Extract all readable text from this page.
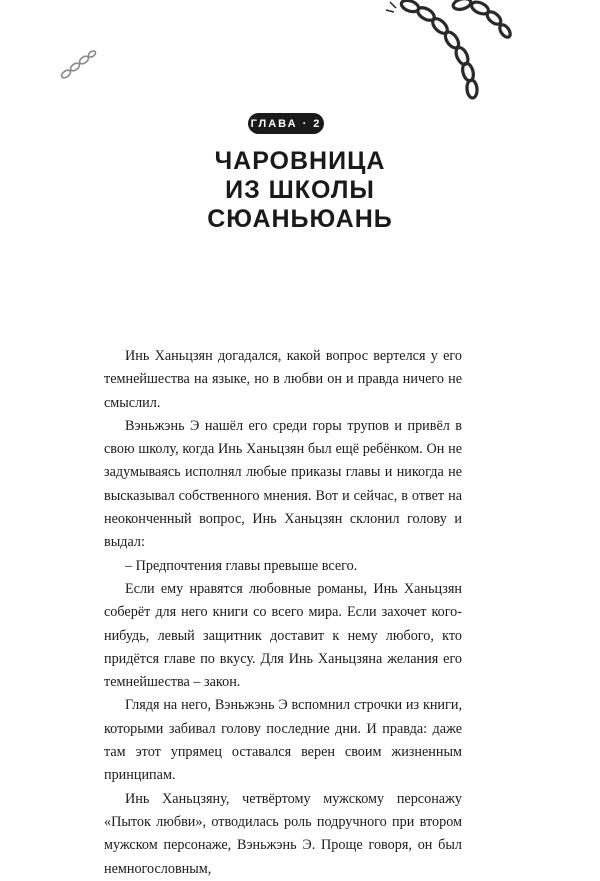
ГЛАВА · 2
ЧАРОВНИЦА
ИЗ ШКОЛЫ
СЮАНЬЮАНЬ

Инь Ханьцзян догадался, какой вопрос вертелся у его темнейшества на языке, но в любви он и правда ничего не смыслил.

Вэньжэнь Э нашёл его среди горы трупов и привёл в свою школу, когда Инь Ханьцзян был ещё ребёнком. Он не задумываясь исполнял любые приказы главы и никогда не высказывал собственного мнения. Вот и сейчас, в ответ на неоконченный вопрос, Инь Ханьцзян склонил голову и выдал:

– Предпочтения главы превыше всего.

Если ему нравятся любовные романы, Инь Ханьцзян соберёт для него книги со всего мира. Если захочет кого-нибудь, левый защитник доставит к нему любого, кто придётся главе по вкусу. Для Инь Ханьцзяна желания его темнейшества – закон.

Глядя на него, Вэньжэнь Э вспомнил строчки из книги, которыми забивал голову последние дни. И правда: даже там этот упрямец оставался верен своим жизненным принципам.

Инь Ханьцзяну, четвёртому мужскому персонажу «Пыток любви», отводилась роль подручного при втором мужском персонаже, Вэньжэнь Э. Проще говоря, он был немногословным,
